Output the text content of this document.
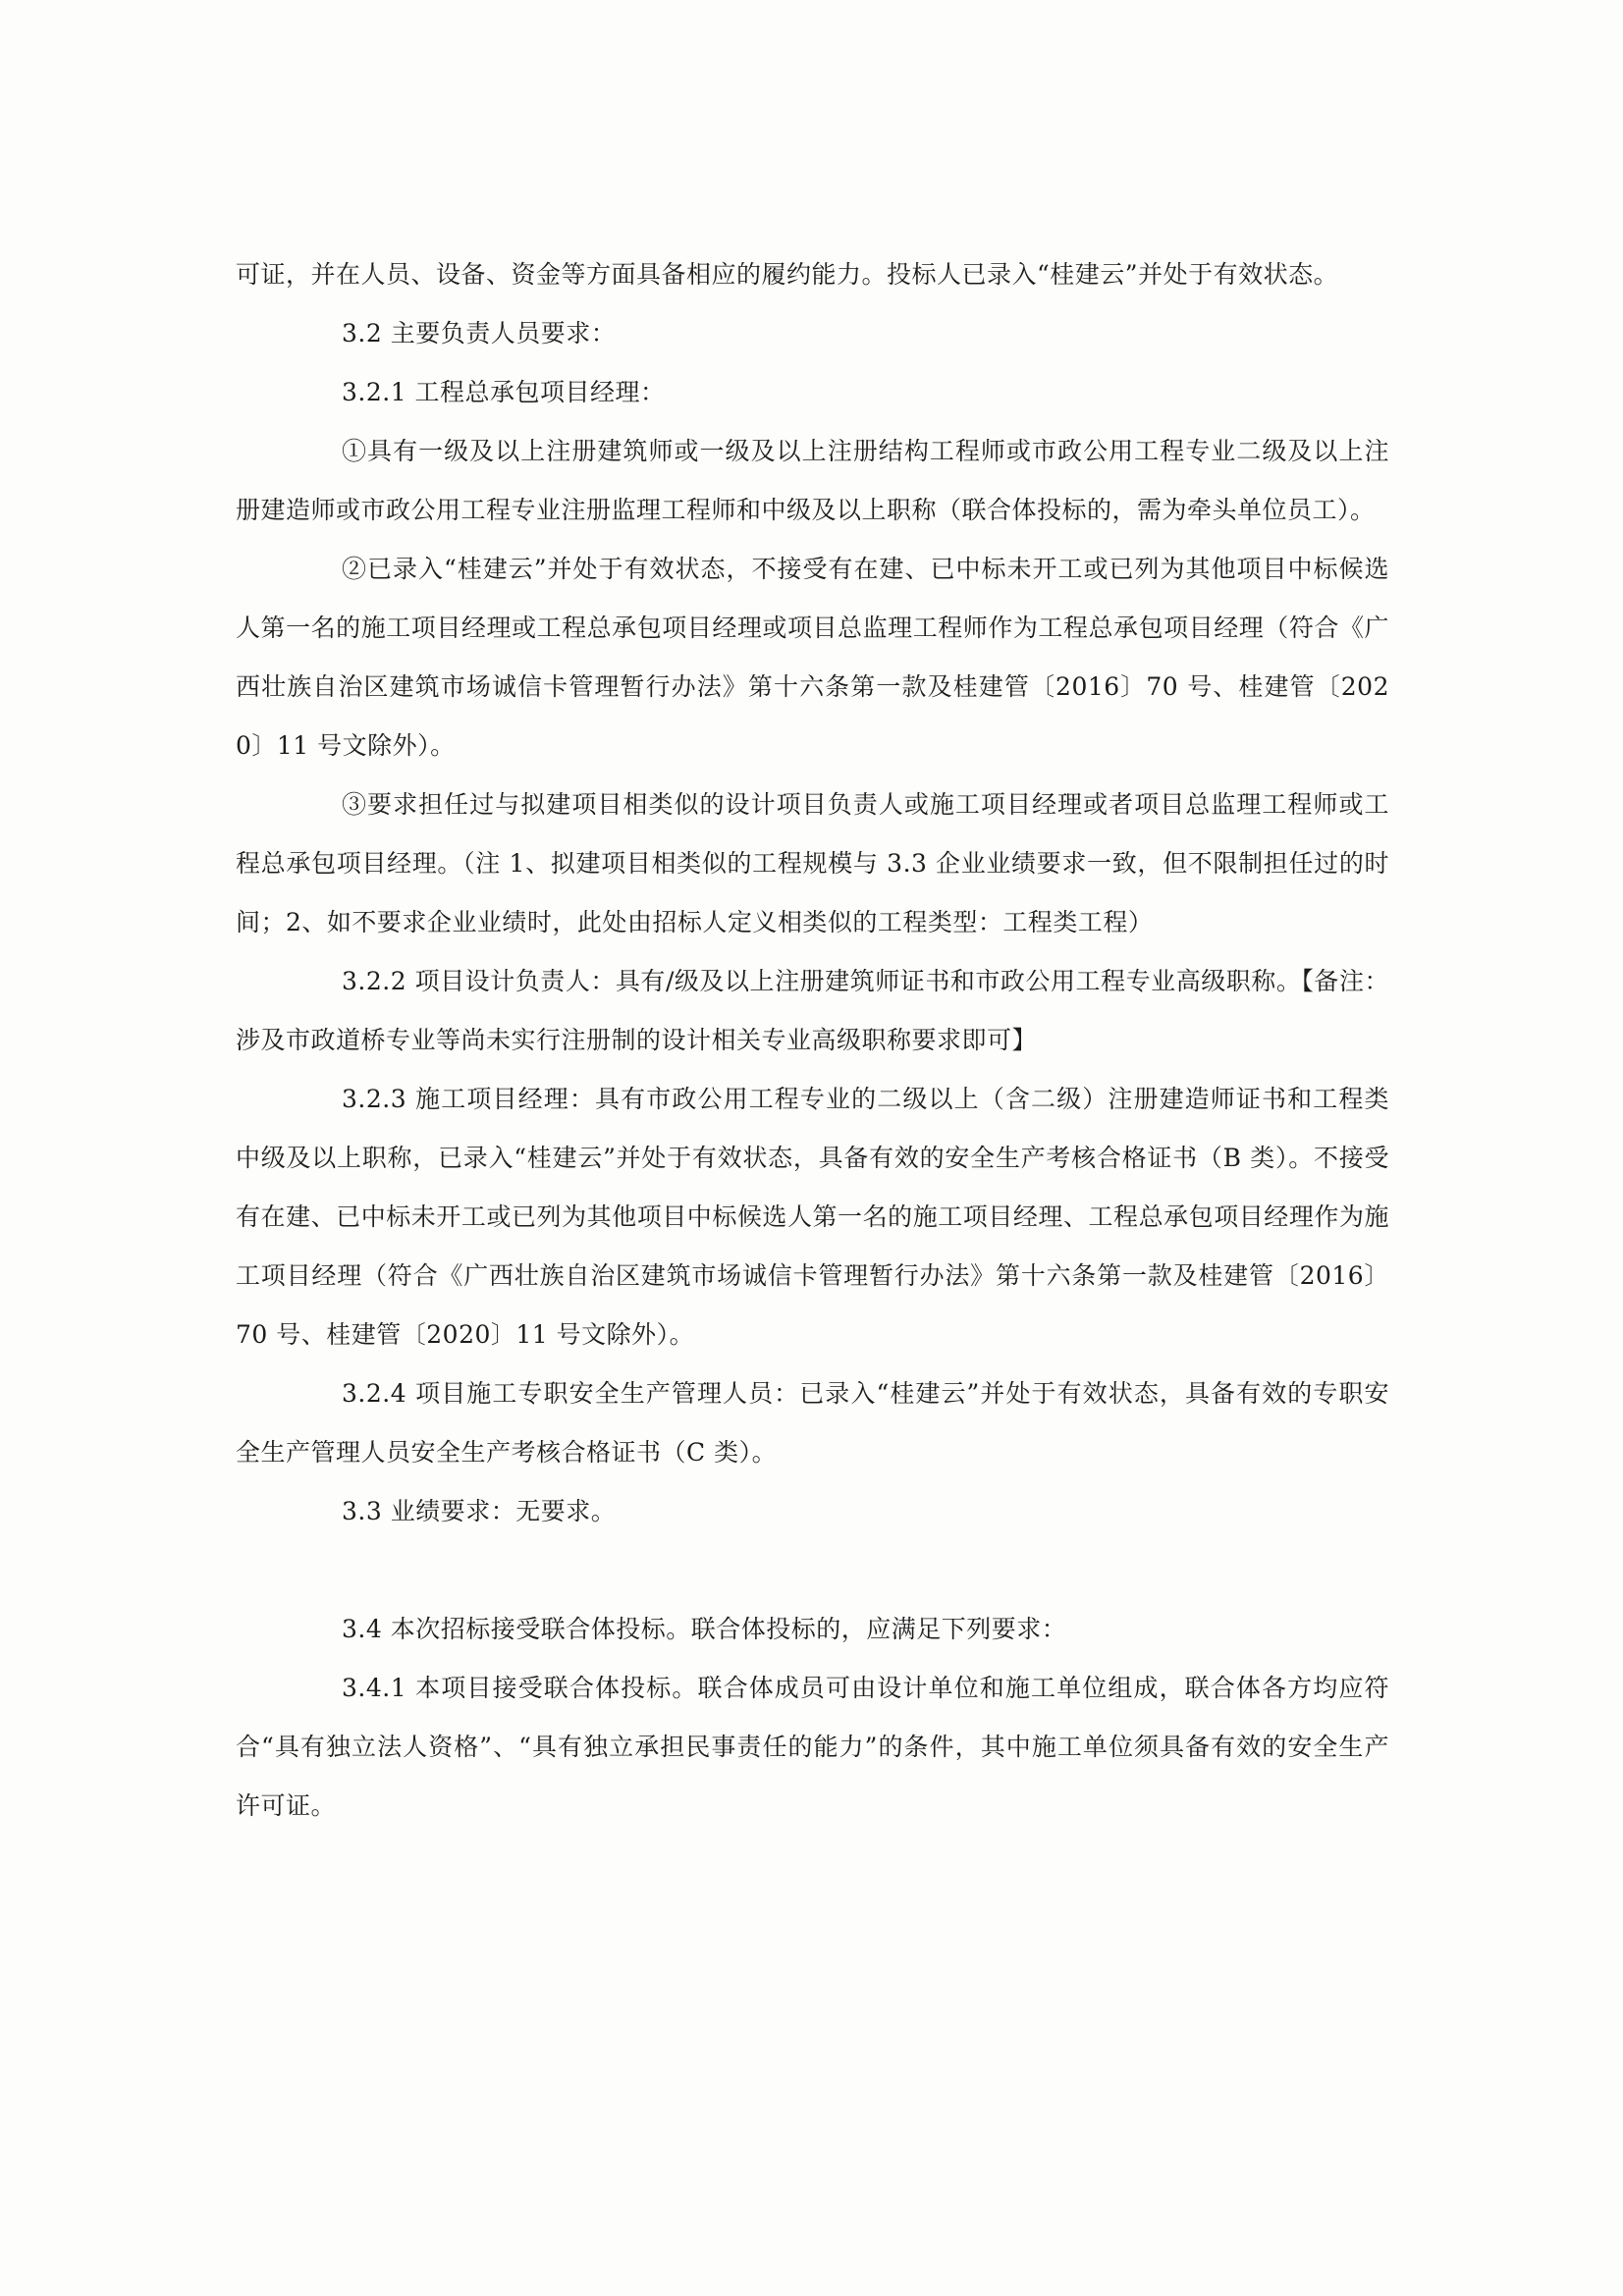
可证，并在人员、设备、资金等方面具备相应的履约能力。投标人已录入“桂建云”并处于有效状态。

3.2 主要负责人员要求：

3.2.1 工程总承包项目经理：

①具有一级及以上注册建筑师或一级及以上注册结构工程师或市政公用工程专业二级及以上注册建造师或市政公用工程专业注册监理工程师和中级及以上职称（联合体投标的，需为牵头单位员工）。

②已录入“桂建云”并处于有效状态，不接受有在建、已中标未开工或已列为其他项目中标候选人第一名的施工项目经理或工程总承包项目经理或项目总监理工程师作为工程总承包项目经理（符合《广西壮族自治区建筑市场诚信卡管理暂行办法》第十六条第一款及桂建管〔2016〕70 号、桂建管〔2020〕11 号文除外）。

③要求担任过与拟建项目相类似的设计项目负责人或施工项目经理或者项目总监理工程师或工程总承包项目经理。（注 1、拟建项目相类似的工程规模与 3.3 企业业绩要求一致，但不限制担任过的时间；2、如不要求企业业绩时，此处由招标人定义相类似的工程类型：工程类工程）

3.2.2 项目设计负责人：具有/级及以上注册建筑师证书和市政公用工程专业高级职称。【备注：涉及市政道桥专业等尚未实行注册制的设计相关专业高级职称要求即可】

3.2.3 施工项目经理：具有市政公用工程专业的二级以上（含二级）注册建造师证书和工程类中级及以上职称，已录入“桂建云”并处于有效状态，具备有效的安全生产考核合格证书（B 类）。不接受有在建、已中标未开工或已列为其他项目中标候选人第一名的施工项目经理、工程总承包项目经理作为施工项目经理（符合《广西壮族自治区建筑市场诚信卡管理暂行办法》第十六条第一款及桂建管〔2016〕70 号、桂建管〔2020〕11 号文除外）。

3.2.4 项目施工专职安全生产管理人员：已录入“桂建云”并处于有效状态，具备有效的专职安全生产管理人员安全生产考核合格证书（C 类）。

3.3 业绩要求：无要求。

3.4 本次招标接受联合体投标。联合体投标的，应满足下列要求：

3.4.1 本项目接受联合体投标。联合体成员可由设计单位和施工单位组成，联合体各方均应符合“具有独立法人资格”、“具有独立承担民事责任的能力”的条件，其中施工单位须具备有效的安全生产许可证。
